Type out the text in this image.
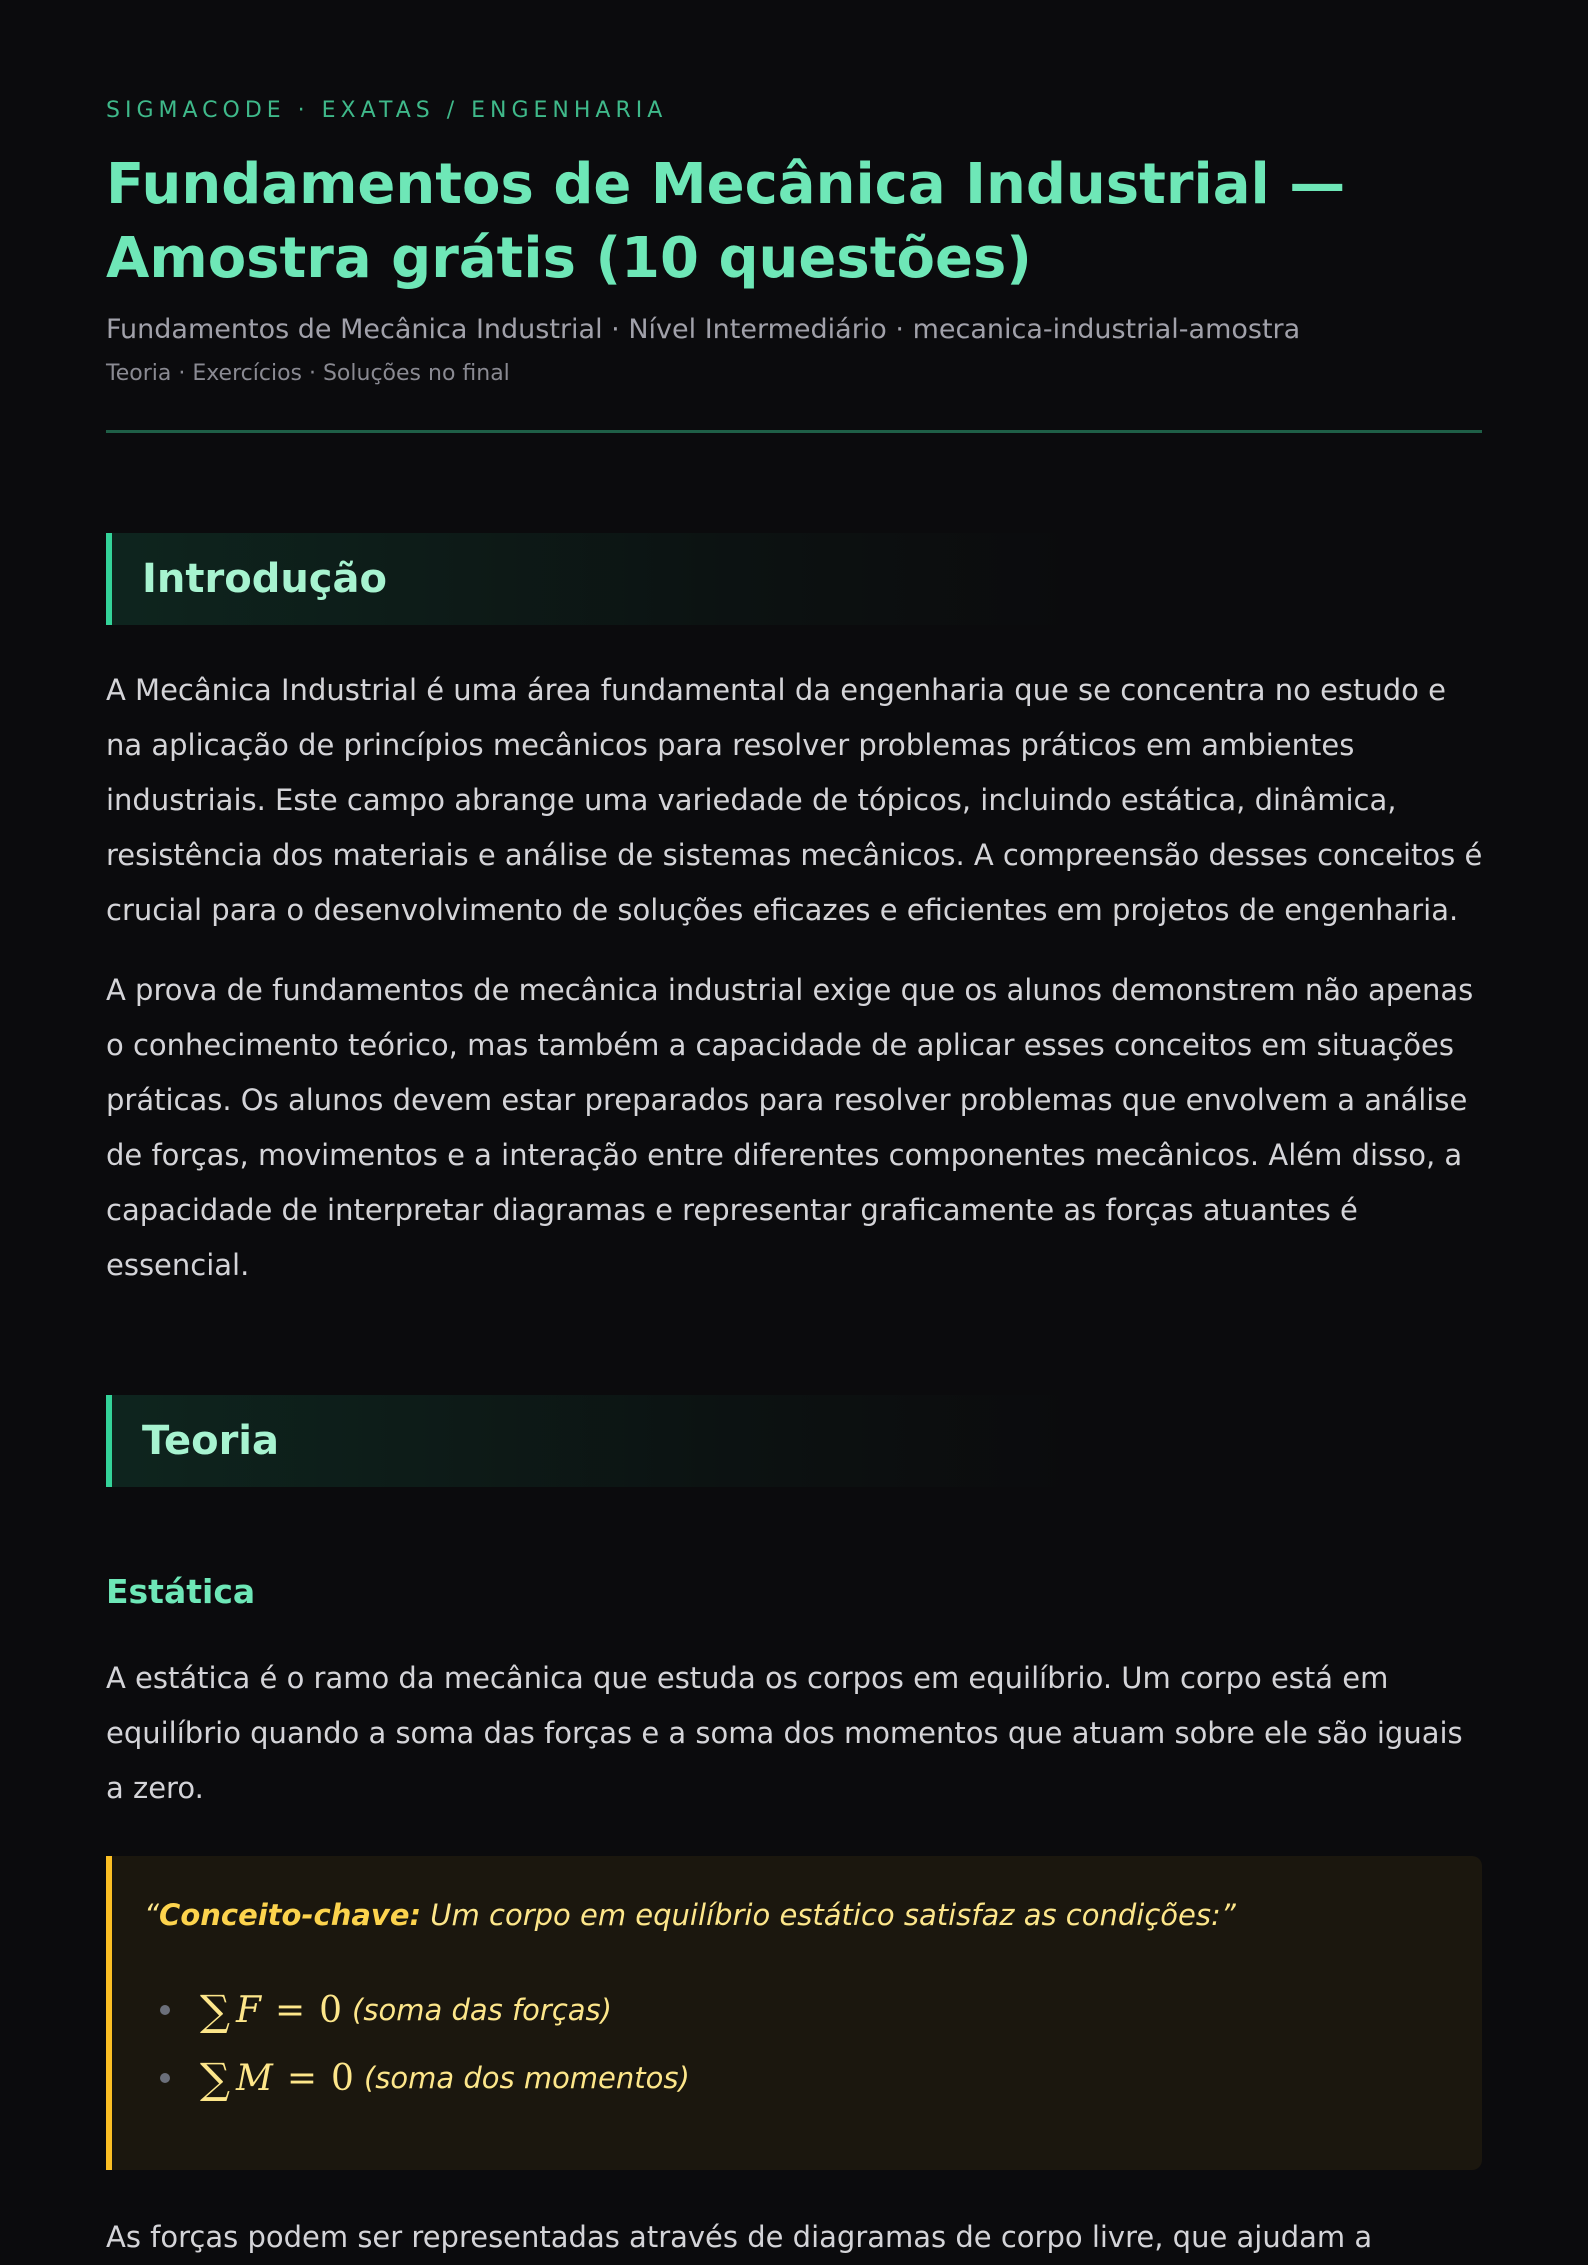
SIGMACODE · EXATAS / ENGENHARIA
Fundamentos de Mecânica Industrial — Amostra grátis (10 questões)
Fundamentos de Mecânica Industrial · Nível Intermediário · mecanica-industrial-amostra
Teoria · Exercícios · Soluções no final
Introdução

A Mecânica Industrial é uma área fundamental da engenharia que se concentra no estudo e na aplicação de princípios mecânicos para resolver problemas práticos em ambientes industriais. Este campo abrange uma variedade de tópicos, incluindo estática, dinâmica, resistência dos materiais e análise de sistemas mecânicos. A compreensão desses conceitos é crucial para o desenvolvimento de soluções eficazes e eficientes em projetos de engenharia.

A prova de fundamentos de mecânica industrial exige que os alunos demonstrem não apenas o conhecimento teórico, mas também a capacidade de aplicar esses conceitos em situações práticas. Os alunos devem estar preparados para resolver problemas que envolvem a análise de forças, movimentos e a interação entre diferentes componentes mecânicos. Além disso, a capacidade de interpretar diagramas e representar graficamente as forças atuantes é essencial.

Teoria
Estática

A estática é o ramo da mecânica que estuda os corpos em equilíbrio. Um corpo está em equilíbrio quando a soma das forças e a soma dos momentos que atuam sobre ele são iguais a zero.

“Conceito-chave: Um corpo em equilíbrio estático satisfaz as condições:”

∑ F = 0 (soma das forças)
∑ M = 0 (soma dos momentos)

As forças podem ser representadas através de diagramas de corpo livre, que ajudam a
